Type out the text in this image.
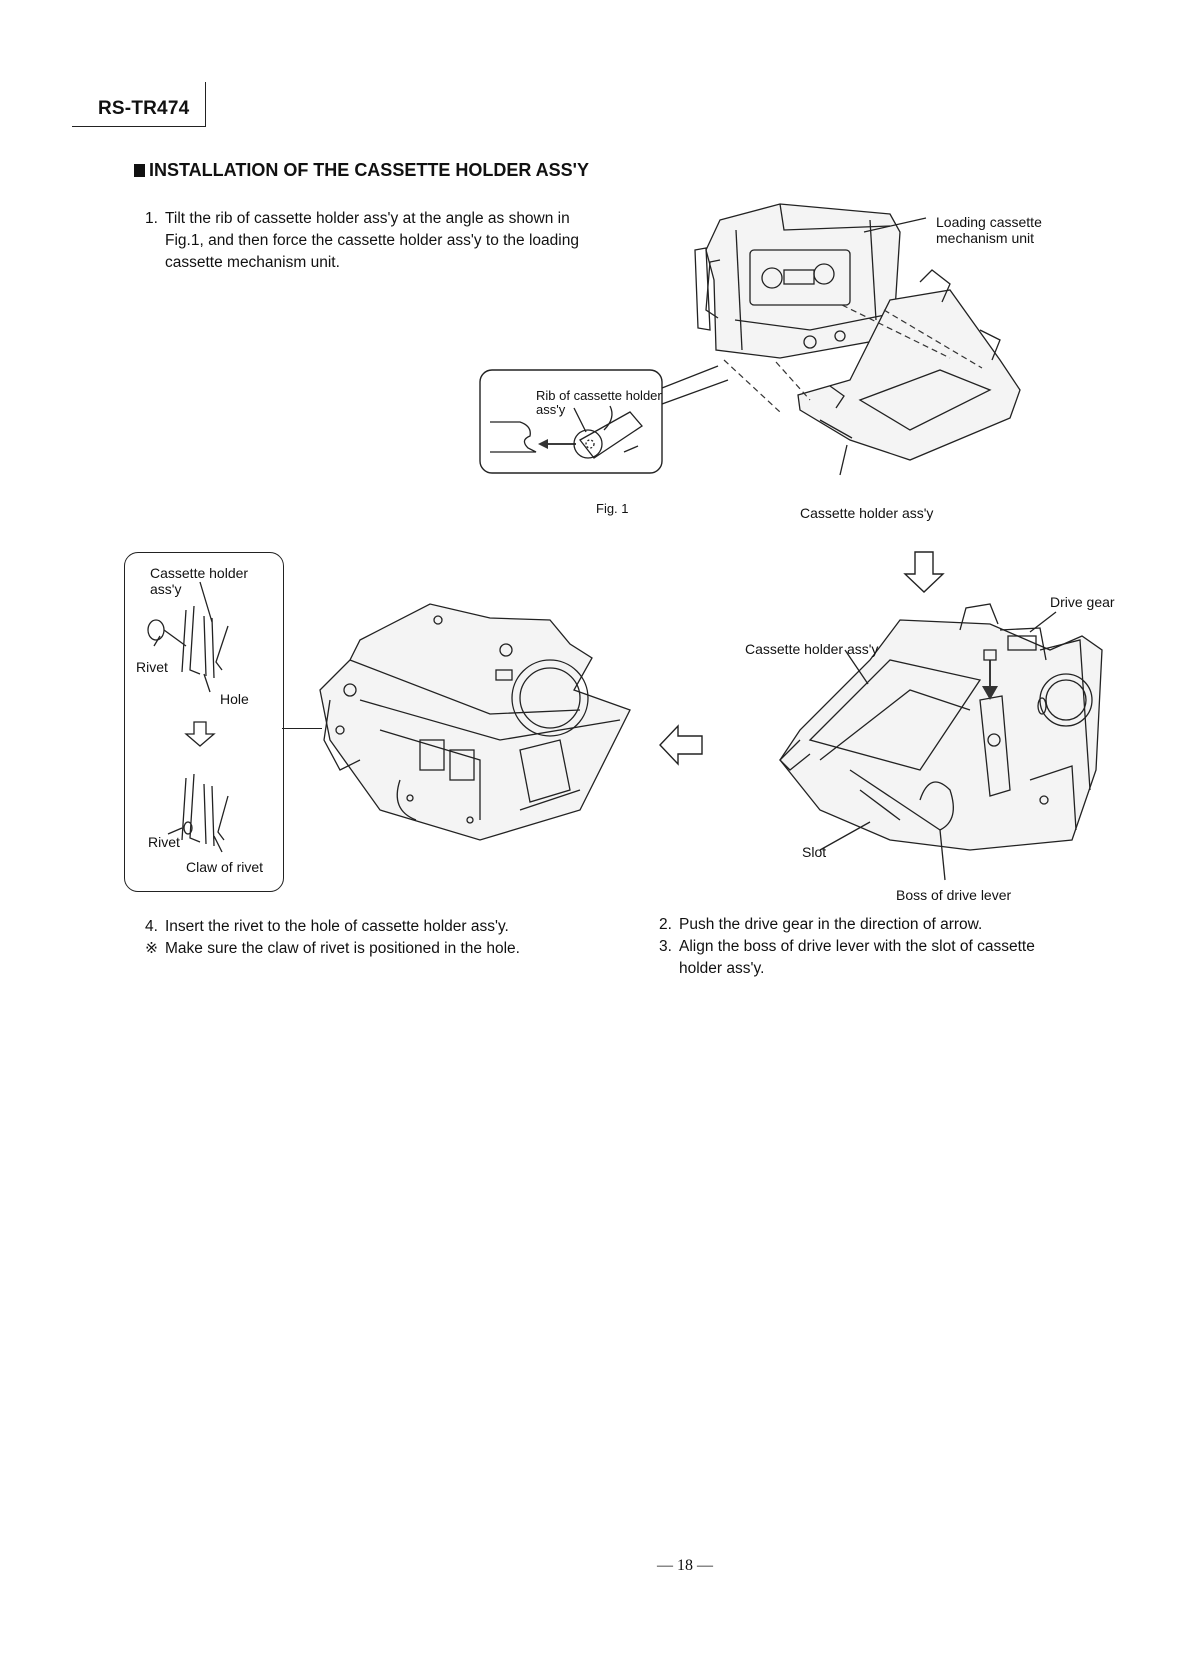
RS-TR474
INSTALLATION OF THE CASSETTE HOLDER ASS'Y
1. Tilt the rib of cassette holder ass'y at the angle as shown in
Fig.1, and then force the cassette holder ass'y to the loading
cassette mechanism unit.
Loading cassette
mechanism unit
Rib of cassette holder
ass'y
Fig. 1	Cassette holder ass'y
Drive gear
Cassette holder ass'y
Slot
Boss of drive lever
Cassette holder
ass'y
Rivet
Hole
Rivet
Claw of rivet
4. Insert the rivet to the hole of cassette holder ass'y.
※ Make sure the claw of rivet is positioned in the hole.
2. Push the drive gear in the direction of arrow.
3. Align the boss of drive lever with the slot of cassette
holder ass'y.
— 18 —
